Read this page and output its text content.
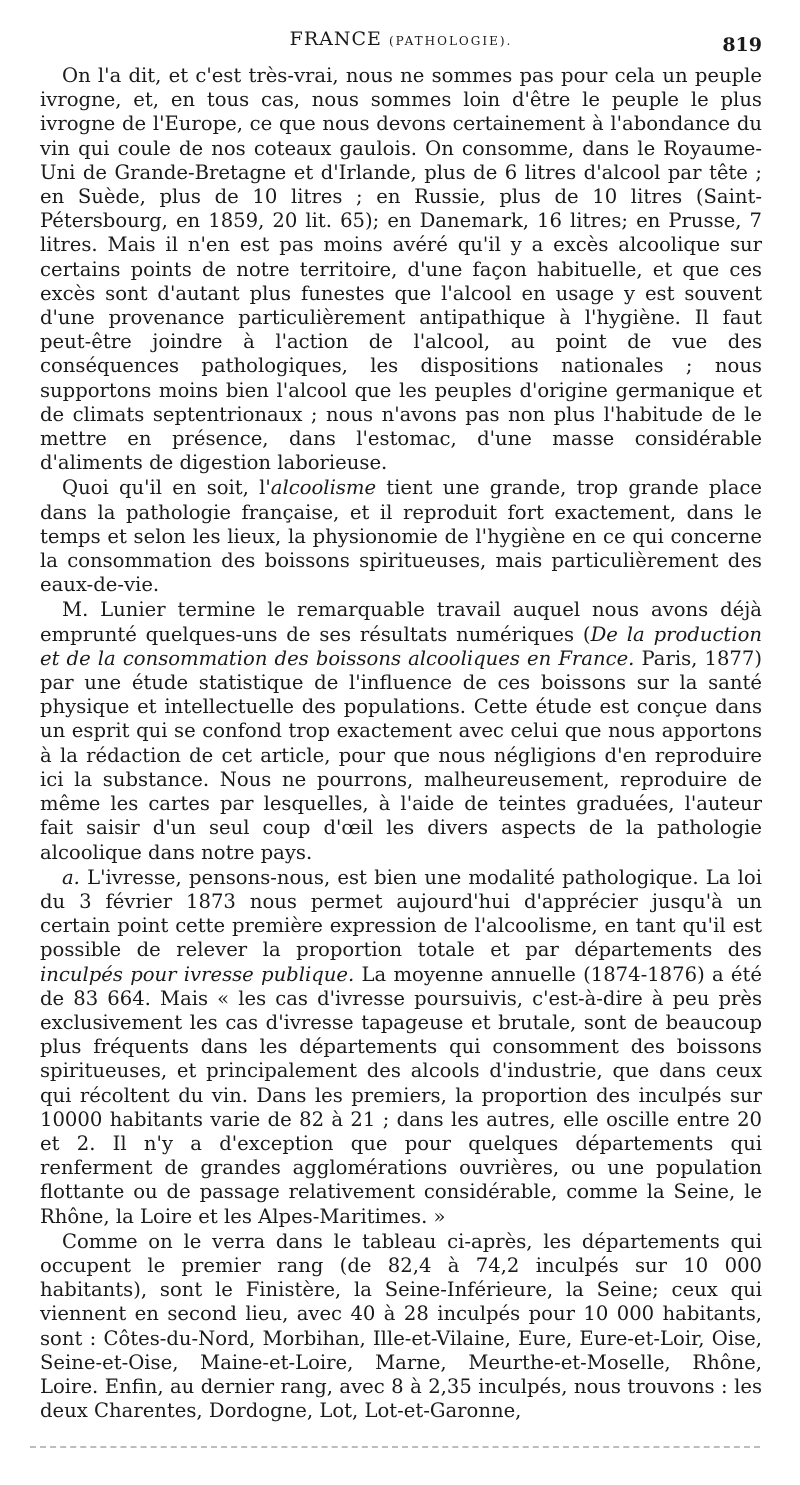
FRANCE (PATHOLOGIE).	819

On l'a dit, et c'est très-vrai, nous ne sommes pas pour cela un peuple ivrogne, et, en tous cas, nous sommes loin d'être le peuple le plus ivrogne de l'Europe, ce que nous devons certainement à l'abondance du vin qui coule de nos coteaux gaulois. On consomme, dans le Royaume-Uni de Grande-Bretagne et d'Irlande, plus de 6 litres d'alcool par tête ; en Suède, plus de 10 litres ; en Russie, plus de 10 litres (Saint-Pétersbourg, en 1859, 20 lit. 65); en Danemark, 16 litres; en Prusse, 7 litres. Mais il n'en est pas moins avéré qu'il y a excès alcoolique sur certains points de notre territoire, d'une façon habituelle, et que ces excès sont d'autant plus funestes que l'alcool en usage y est souvent d'une provenance particulièrement antipathique à l'hygiène. Il faut peut-être joindre à l'action de l'alcool, au point de vue des conséquences pathologiques, les dispositions nationales ; nous supportons moins bien l'alcool que les peuples d'origine germanique et de climats septentrionaux ; nous n'avons pas non plus l'habitude de le mettre en présence, dans l'estomac, d'une masse considérable d'aliments de digestion laborieuse.

Quoi qu'il en soit, l'alcoolisme tient une grande, trop grande place dans la pathologie française, et il reproduit fort exactement, dans le temps et selon les lieux, la physionomie de l'hygiène en ce qui concerne la consommation des boissons spiritueuses, mais particulièrement des eaux-de-vie.

M. Lunier termine le remarquable travail auquel nous avons déjà emprunté quelques-uns de ses résultats numériques (De la production et de la consommation des boissons alcooliques en France. Paris, 1877) par une étude statistique de l'influence de ces boissons sur la santé physique et intellectuelle des populations. Cette étude est conçue dans un esprit qui se confond trop exactement avec celui que nous apportons à la rédaction de cet article, pour que nous négligions d'en reproduire ici la substance. Nous ne pourrons, malheureusement, reproduire de même les cartes par lesquelles, à l'aide de teintes graduées, l'auteur fait saisir d'un seul coup d'œil les divers aspects de la pathologie alcoolique dans notre pays.

a. L'ivresse, pensons-nous, est bien une modalité pathologique. La loi du 3 février 1873 nous permet aujourd'hui d'apprécier jusqu'à un certain point cette première expression de l'alcoolisme, en tant qu'il est possible de relever la proportion totale et par départements des inculpés pour ivresse publique. La moyenne annuelle (1874-1876) a été de 83 664. Mais « les cas d'ivresse poursuivis, c'est-à-dire à peu près exclusivement les cas d'ivresse tapageuse et brutale, sont de beaucoup plus fréquents dans les départements qui consomment des boissons spiritueuses, et principalement des alcools d'industrie, que dans ceux qui récoltent du vin. Dans les premiers, la proportion des inculpés sur 10000 habitants varie de 82 à 21 ; dans les autres, elle oscille entre 20 et 2. Il n'y a d'exception que pour quelques départements qui renferment de grandes agglomérations ouvrières, ou une population flottante ou de passage relativement considérable, comme la Seine, le Rhône, la Loire et les Alpes-Maritimes. »

Comme on le verra dans le tableau ci-après, les départements qui occupent le premier rang (de 82,4 à 74,2 inculpés sur 10 000 habitants), sont le Finistère, la Seine-Inférieure, la Seine; ceux qui viennent en second lieu, avec 40 à 28 inculpés pour 10 000 habitants, sont : Côtes-du-Nord, Morbihan, Ille-et-Vilaine, Eure, Eure-et-Loir, Oise, Seine-et-Oise, Maine-et-Loire, Marne, Meurthe-et-Moselle, Rhône, Loire. Enfin, au dernier rang, avec 8 à 2,35 inculpés, nous trouvons : les deux Charentes, Dordogne, Lot, Lot-et-Garonne,
